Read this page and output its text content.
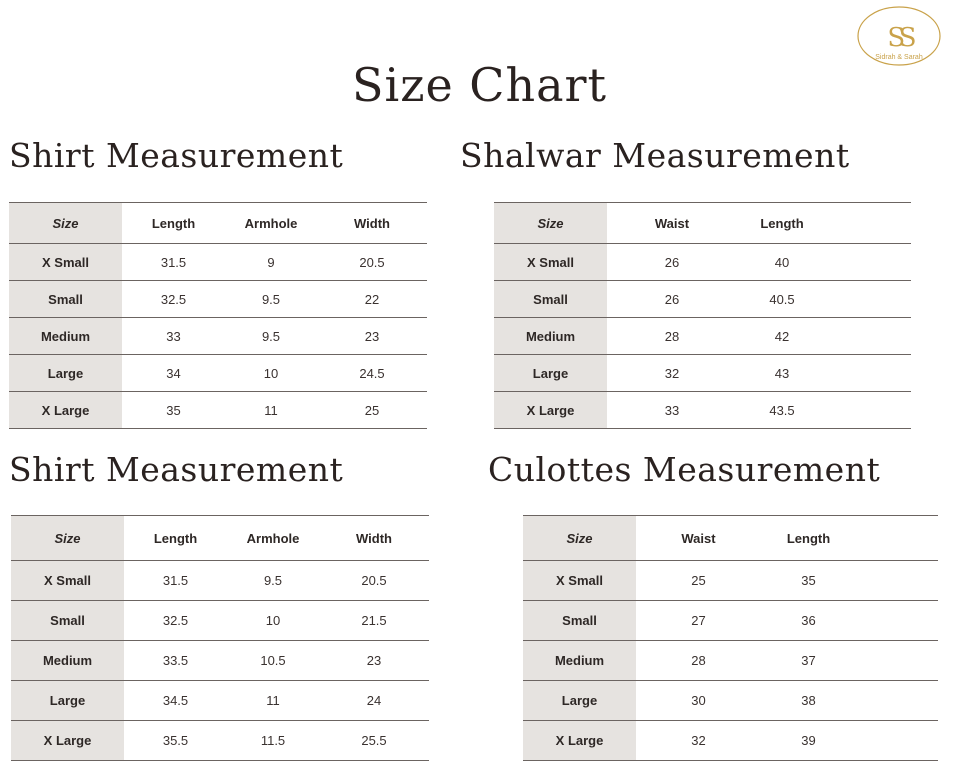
SS
Sidrah & Sarah
Size Chart
Shirt Measurement	Shalwar Measurement
Shirt Measurement	Culottes Measurement
Size	Length	Armhole	Width
X Small	31.5	9	20.5
Small	32.5	9.5	22
Medium	33	9.5	23
Large	34	10	24.5
X Large	35	11	25
Size	Waist	Length	
X Small	26	40	
Small	26	40.5	
Medium	28	42	
Large	32	43	
X Large	33	43.5	
Size	Length	Armhole	Width
X Small	31.5	9.5	20.5
Small	32.5	10	21.5
Medium	33.5	10.5	23
Large	34.5	11	24
X Large	35.5	11.5	25.5
Size	Waist	Length	
X Small	25	35	
Small	27	36	
Medium	28	37	
Large	30	38	
X Large	32	39	
